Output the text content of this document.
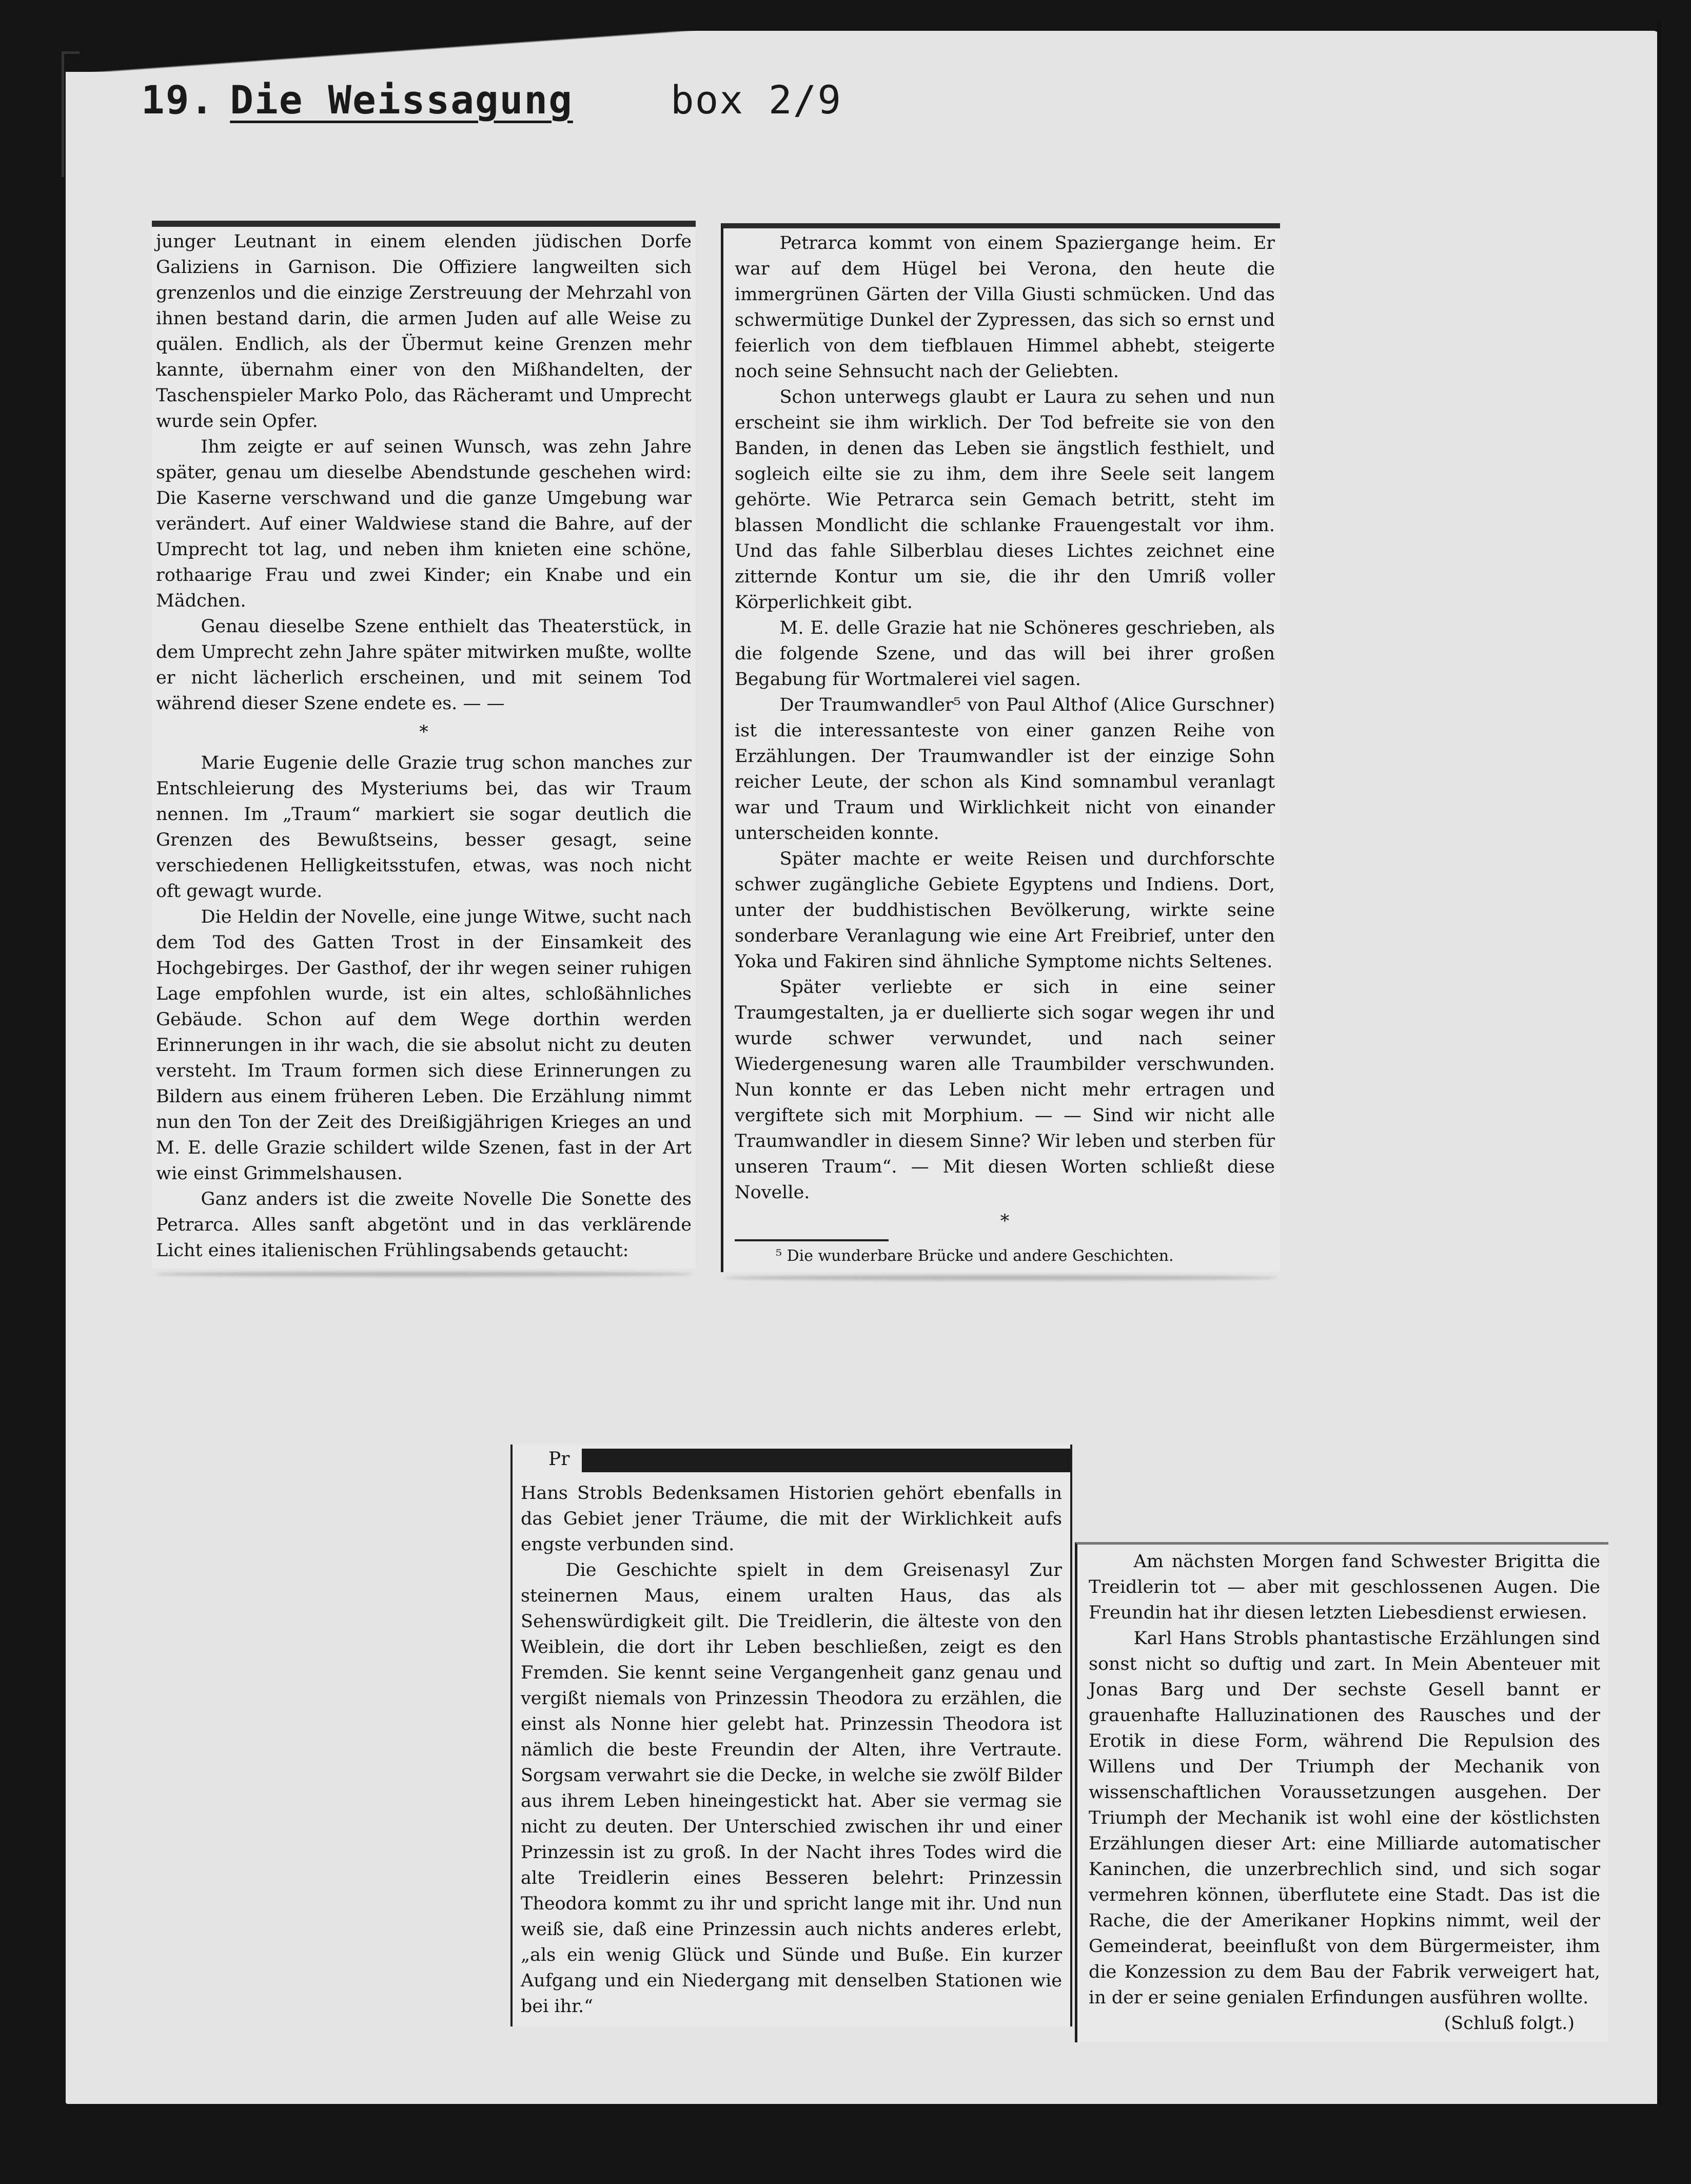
19. Die Weissagung	box 2/9

junger Leutnant in einem elenden jüdischen Dorfe Galiziens in Garnison. Die Offiziere langweilten sich grenzenlos und die einzige Zerstreuung der Mehrzahl von ihnen bestand darin, die armen Juden auf alle Weise zu quälen. Endlich, als der Übermut keine Grenzen mehr kannte, übernahm einer von den Mißhandelten, der Taschenspieler Marko Polo, das Rächeramt und Umprecht wurde sein Opfer.

Ihm zeigte er auf seinen Wunsch, was zehn Jahre später, genau um dieselbe Abendstunde geschehen wird: Die Kaserne verschwand und die ganze Umgebung war verändert. Auf einer Waldwiese stand die Bahre, auf der Umprecht tot lag, und neben ihm knieten eine schöne, rothaarige Frau und zwei Kinder; ein Knabe und ein Mädchen.

Genau dieselbe Szene enthielt das Theaterstück, in dem Umprecht zehn Jahre später mitwirken mußte, wollte er nicht lächerlich erscheinen, und mit seinem Tod während dieser Szene endete es. — —

*

Marie Eugenie delle Grazie trug schon manches zur Entschleierung des Mysteriums bei, das wir Traum nennen. Im „Traum“ markiert sie sogar deutlich die Grenzen des Bewußtseins, besser gesagt, seine verschiedenen Helligkeitsstufen, etwas, was noch nicht oft gewagt wurde.

Die Heldin der Novelle, eine junge Witwe, sucht nach dem Tod des Gatten Trost in der Einsamkeit des Hochgebirges. Der Gasthof, der ihr wegen seiner ruhigen Lage empfohlen wurde, ist ein altes, schloßähnliches Gebäude. Schon auf dem Wege dorthin werden Erinnerungen in ihr wach, die sie absolut nicht zu deuten versteht. Im Traum formen sich diese Erinnerungen zu Bildern aus einem früheren Leben. Die Erzählung nimmt nun den Ton der Zeit des Dreißigjährigen Krieges an und M. E. delle Grazie schildert wilde Szenen, fast in der Art wie einst Grimmelshausen.

Ganz anders ist die zweite Novelle Die Sonette des Petrarca. Alles sanft abgetönt und in das verklärende Licht eines italienischen Frühlingsabends getaucht:

Petrarca kommt von einem Spaziergange heim. Er war auf dem Hügel bei Verona, den heute die immergrünen Gärten der Villa Giusti schmücken. Und das schwermütige Dunkel der Zypressen, das sich so ernst und feierlich von dem tiefblauen Himmel abhebt, steigerte noch seine Sehnsucht nach der Geliebten.

Schon unterwegs glaubt er Laura zu sehen und nun erscheint sie ihm wirklich. Der Tod befreite sie von den Banden, in denen das Leben sie ängstlich festhielt, und sogleich eilte sie zu ihm, dem ihre Seele seit langem gehörte. Wie Petrarca sein Gemach betritt, steht im blassen Mondlicht die schlanke Frauengestalt vor ihm. Und das fahle Silberblau dieses Lichtes zeichnet eine zitternde Kontur um sie, die ihr den Umriß voller Körperlichkeit gibt.

M. E. delle Grazie hat nie Schöneres geschrieben, als die folgende Szene, und das will bei ihrer großen Begabung für Wortmalerei viel sagen.

Der Traumwandler⁵ von Paul Althof (Alice Gurschner) ist die interessanteste von einer ganzen Reihe von Erzählungen. Der Traumwandler ist der einzige Sohn reicher Leute, der schon als Kind somnambul veranlagt war und Traum und Wirklichkeit nicht von einander unterscheiden konnte.

Später machte er weite Reisen und durchforschte schwer zugängliche Gebiete Egyptens und Indiens. Dort, unter der buddhistischen Bevölkerung, wirkte seine sonderbare Veranlagung wie eine Art Freibrief, unter den Yoka und Fakiren sind ähnliche Symptome nichts Seltenes.

Später verliebte er sich in eine seiner Traumgestalten, ja er duellierte sich sogar wegen ihr und wurde schwer verwundet, und nach seiner Wiedergenesung waren alle Traumbilder verschwunden. Nun konnte er das Leben nicht mehr ertragen und vergiftete sich mit Morphium. — — Sind wir nicht alle Traumwandler in diesem Sinne? Wir leben und sterben für unseren Traum“. — Mit diesen Worten schließt diese Novelle.

*

⁵ Die wunderbare Brücke und andere Geschichten.

Pr

Hans Strobls Bedenksamen Historien gehört ebenfalls in das Gebiet jener Träume, die mit der Wirklichkeit aufs engste verbunden sind.

Die Geschichte spielt in dem Greisenasyl Zur steinernen Maus, einem uralten Haus, das als Sehenswürdigkeit gilt. Die Treidlerin, die älteste von den Weiblein, die dort ihr Leben beschließen, zeigt es den Fremden. Sie kennt seine Vergangenheit ganz genau und vergißt niemals von Prinzessin Theodora zu erzählen, die einst als Nonne hier gelebt hat. Prinzessin Theodora ist nämlich die beste Freundin der Alten, ihre Vertraute. Sorgsam verwahrt sie die Decke, in welche sie zwölf Bilder aus ihrem Leben hineingestickt hat. Aber sie vermag sie nicht zu deuten. Der Unterschied zwischen ihr und einer Prinzessin ist zu groß. In der Nacht ihres Todes wird die alte Treidlerin eines Besseren belehrt: Prinzessin Theodora kommt zu ihr und spricht lange mit ihr. Und nun weiß sie, daß eine Prinzessin auch nichts anderes erlebt, „als ein wenig Glück und Sünde und Buße. Ein kurzer Aufgang und ein Niedergang mit denselben Stationen wie bei ihr.“

Am nächsten Morgen fand Schwester Brigitta die Treidlerin tot — aber mit geschlossenen Augen. Die Freundin hat ihr diesen letzten Liebesdienst erwiesen.

Karl Hans Strobls phantastische Erzählungen sind sonst nicht so duftig und zart. In Mein Abenteuer mit Jonas Barg und Der sechste Gesell bannt er grauenhafte Halluzinationen des Rausches und der Erotik in diese Form, während Die Repulsion des Willens und Der Triumph der Mechanik von wissenschaftlichen Voraussetzungen ausgehen. Der Triumph der Mechanik ist wohl eine der köstlichsten Erzählungen dieser Art: eine Milliarde automatischer Kaninchen, die unzerbrechlich sind, und sich sogar vermehren können, überflutete eine Stadt. Das ist die Rache, die der Amerikaner Hopkins nimmt, weil der Gemeinderat, beeinflußt von dem Bürgermeister, ihm die Konzession zu dem Bau der Fabrik verweigert hat, in der er seine genialen Erfindungen ausführen wollte.

(Schluß folgt.)
